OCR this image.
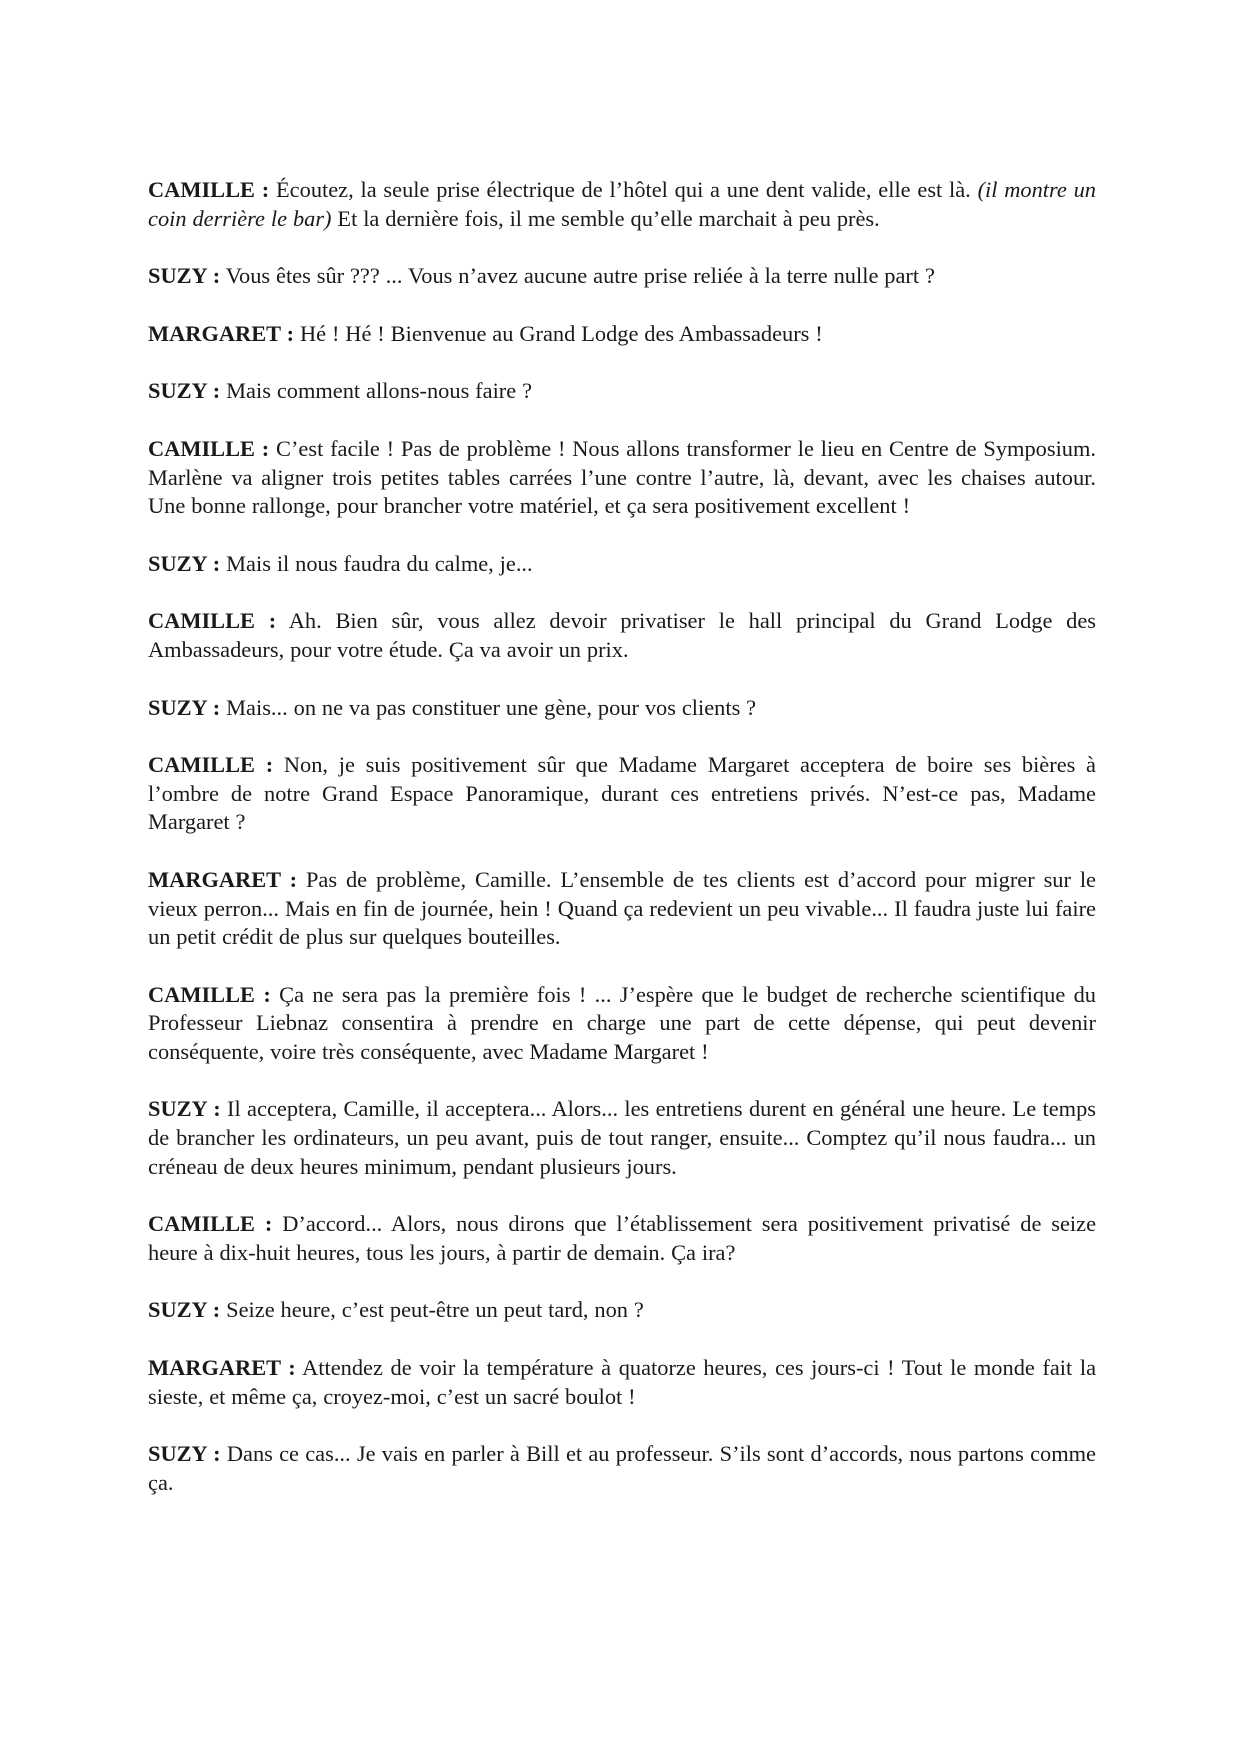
CAMILLE : Écoutez, la seule prise électrique de l’hôtel qui a une dent valide, elle est là. (il montre un coin derrière le bar) Et la dernière fois, il me semble qu’elle marchait à peu près.

SUZY : Vous êtes sûr ??? ... Vous n’avez aucune autre prise reliée à la terre nulle part ?

MARGARET : Hé ! Hé ! Bienvenue au Grand Lodge des Ambassadeurs !

SUZY : Mais comment allons-nous faire ?

CAMILLE : C’est facile ! Pas de problème ! Nous allons transformer le lieu en Centre de Symposium. Marlène va aligner trois petites tables carrées l’une contre l’autre, là, devant, avec les chaises autour. Une bonne rallonge, pour brancher votre matériel, et ça sera positivement excellent !

SUZY : Mais il nous faudra du calme, je...

CAMILLE : Ah. Bien sûr, vous allez devoir privatiser le hall principal du Grand Lodge des Ambassadeurs, pour votre étude. Ça va avoir un prix.

SUZY : Mais... on ne va pas constituer une gène, pour vos clients ?

CAMILLE : Non, je suis positivement sûr que Madame Margaret acceptera de boire ses bières à l’ombre de notre Grand Espace Panoramique, durant ces entretiens privés. N’est-ce pas, Madame Margaret ?

MARGARET : Pas de problème, Camille. L’ensemble de tes clients est d’accord pour migrer sur le vieux perron... Mais en fin de journée, hein ! Quand ça redevient un peu vivable... Il faudra juste lui faire un petit crédit de plus sur quelques bouteilles.

CAMILLE : Ça ne sera pas la première fois ! ... J’espère que le budget de recherche scientifique du Professeur Liebnaz consentira à prendre en charge une part de cette dépense, qui peut devenir conséquente, voire très conséquente, avec Madame Margaret !

SUZY : Il acceptera, Camille, il acceptera... Alors... les entretiens durent en général une heure. Le temps de brancher les ordinateurs, un peu avant, puis de tout ranger, ensuite... Comptez qu’il nous faudra... un créneau de deux heures minimum, pendant plusieurs jours.

CAMILLE : D’accord... Alors, nous dirons que l’établissement sera positivement privatisé de seize heure à dix-huit heures, tous les jours, à partir de demain. Ça ira?

SUZY : Seize heure, c’est peut-être un peut tard, non ?

MARGARET : Attendez de voir la température à quatorze heures, ces jours-ci ! Tout le monde fait la sieste, et même ça, croyez-moi, c’est un sacré boulot !

SUZY : Dans ce cas... Je vais en parler à Bill et au professeur. S’ils sont d’accords, nous partons comme ça.
